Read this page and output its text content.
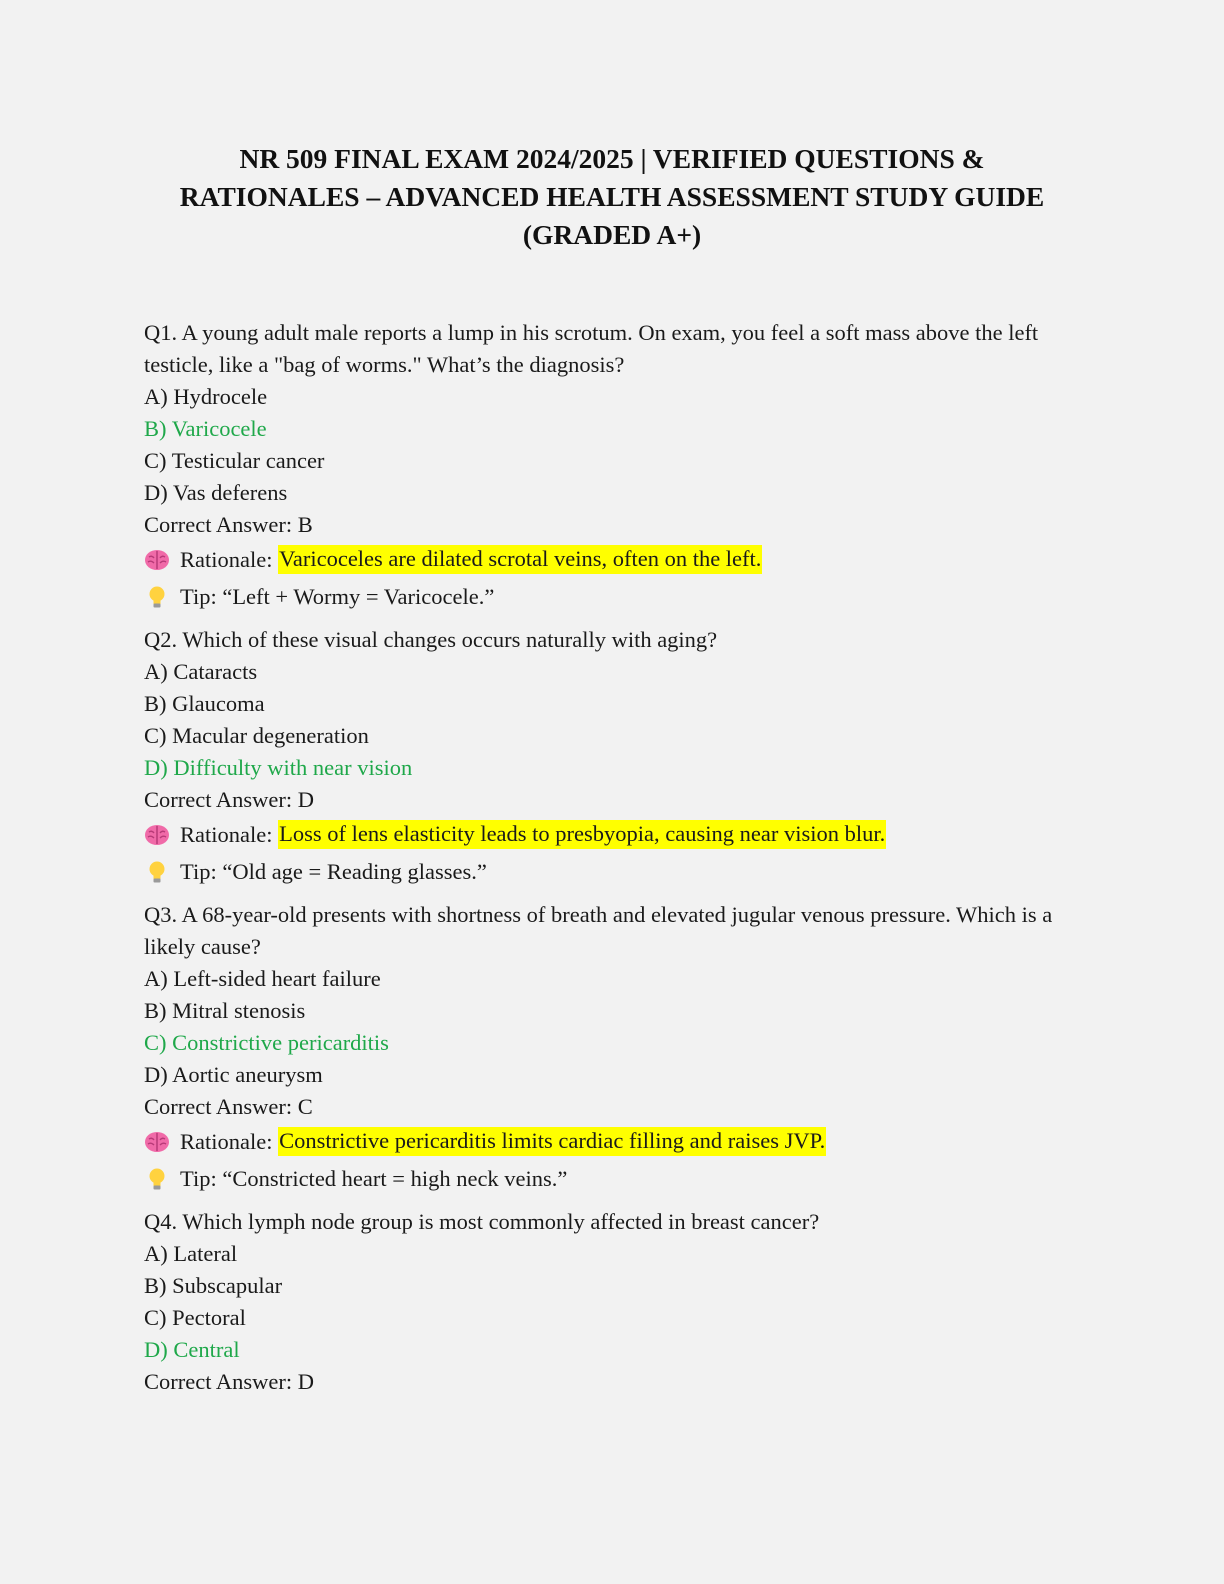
NR 509 FINAL EXAM 2024/2025 | VERIFIED QUESTIONS &
RATIONALES – ADVANCED HEALTH ASSESSMENT STUDY GUIDE
(GRADED A+)
Q1. A young adult male reports a lump in his scrotum. On exam, you feel a soft mass above the left testicle, like a "bag of worms." What’s the diagnosis?
A) Hydrocele
B) Varicocele
C) Testicular cancer
D) Vas deferens
Correct Answer: B
Rationale:
Varicoceles are dilated scrotal veins, often on the left.
Tip: “Left + Wormy = Varicocele.”
Q2. Which of these visual changes occurs naturally with aging?
A) Cataracts
B) Glaucoma
C) Macular degeneration
D) Difficulty with near vision
Correct Answer: D
Rationale:
Loss of lens elasticity leads to presbyopia, causing near vision blur.
Tip: “Old age = Reading glasses.”
Q3. A 68-year-old presents with shortness of breath and elevated jugular venous pressure. Which is a likely cause?
A) Left-sided heart failure
B) Mitral stenosis
C) Constrictive pericarditis
D) Aortic aneurysm
Correct Answer: C
Rationale:
Constrictive pericarditis limits cardiac filling and raises JVP.
Tip: “Constricted heart = high neck veins.”
Q4. Which lymph node group is most commonly affected in breast cancer?
A) Lateral
B) Subscapular
C) Pectoral
D) Central
Correct Answer: D
